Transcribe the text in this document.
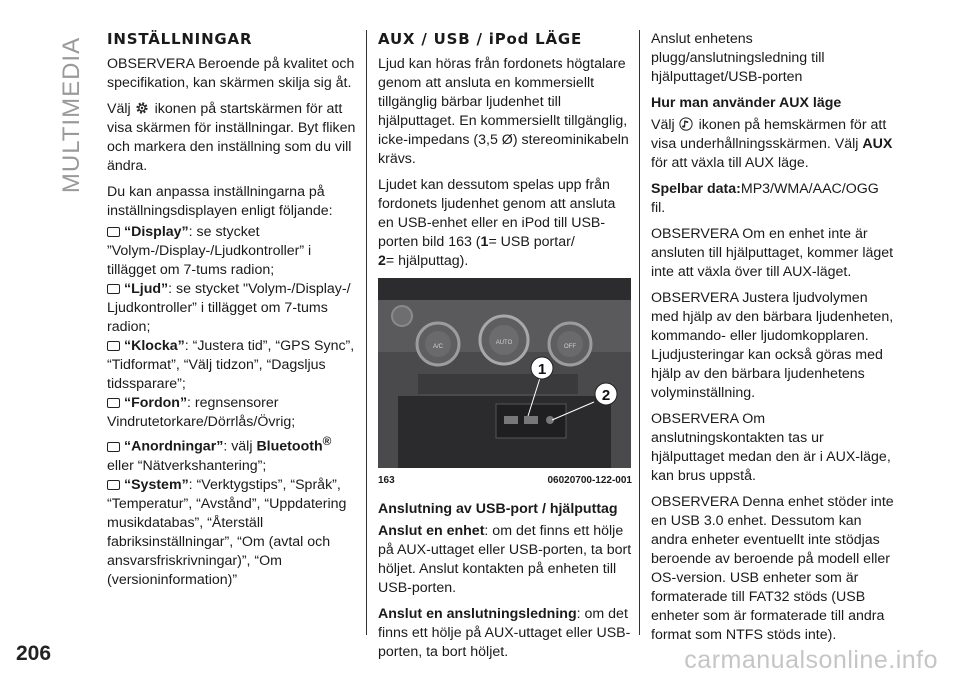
MULTIMEDIA INSTÄLLNINGAR

OBSERVERA Beroende på kvalitet och specifikation, kan skärmen skilja sig åt.

Välj ikonen på startskärmen för att visa skärmen för inställningar. Byt fliken och markera den inställning som du vill ändra.

Du kan anpassa inställningarna på inställningsdisplayen enligt följande:

“Display”: se stycket ”Volym-/Display-/Ljudkontroller” i tillägget om 7-tums radion;
“Ljud”: se stycket "Volym-/Display-/ Ljudkontroller” i tillägget om 7-tums radion;
“Klocka”: “Justera tid”, “GPS Sync”, “Tidformat”, “Välj tidzon”, “Dagsljus tidssparare”;
“Fordon”: regnsensorer Vindrutetorkare/Dörrlås/Övrig;
“Anordningar”: välj Bluetooth® eller “Nätverkshantering”;
“System”: “Verktygstips”, “Språk”, “Temperatur”, “Avstånd”, “Uppdatering musikdatabas”, “Återställ fabriksinställningar”, “Om (avtal och ansvarsfriskrivningar)”, “Om (versioninformation)”
AUX / USB / iPod LÄGE

Ljud kan höras från fordonets högtalare genom att ansluta en kommersiellt tillgänglig bärbar ljudenhet till hjälputtaget. En kommersiellt tillgänglig, icke-impedans (3,5 Ø) stereominikabeln krävs.

Ljudet kan dessutom spelas upp från fordonets ljudenhet genom att ansluta en USB-enhet eller en iPod till USB-porten bild 163 (1= USB portar/
2= hjälputtag).

A/C
AUTO
OFF
1
2
163	06020700-122-001
Anslutning av USB-port / hjälputtag

Anslut en enhet: om det finns ett hölje på AUX-uttaget eller USB-porten, ta bort höljet. Anslut kontakten på enheten till USB-porten.

Anslut en anslutningsledning: om det finns ett hölje på AUX-uttaget eller USB-porten, ta bort höljet.

Anslut enhetens plugg/anslutningsledning till hjälputtaget/USB-porten

Hur man använder AUX läge

Välj ikonen på hemskärmen för att visa underhållningsskärmen. Välj AUX för att växla till AUX läge.

Spelbar data:MP3/WMA/AAC/OGG fil.

OBSERVERA Om en enhet inte är ansluten till hjälputtaget, kommer läget inte att växla över till AUX-läget.

OBSERVERA Justera ljudvolymen med hjälp av den bärbara ljudenheten, kommando- eller ljudomkopplaren. Ljudjusteringar kan också göras med hjälp av den bärbara ljudenhetens volyminställning.

OBSERVERA Om anslutningskontakten tas ur hjälputtaget medan den är i AUX-läge, kan brus uppstå.

OBSERVERA Denna enhet stöder inte en USB 3.0 enhet. Dessutom kan andra enheter eventuellt inte stödjas beroende av beroende på modell eller OS-version. USB enheter som är formaterade till FAT32 stöds (USB enheter som är formaterade till andra format som NTFS stöds inte).

206	carmanualsonline.info
